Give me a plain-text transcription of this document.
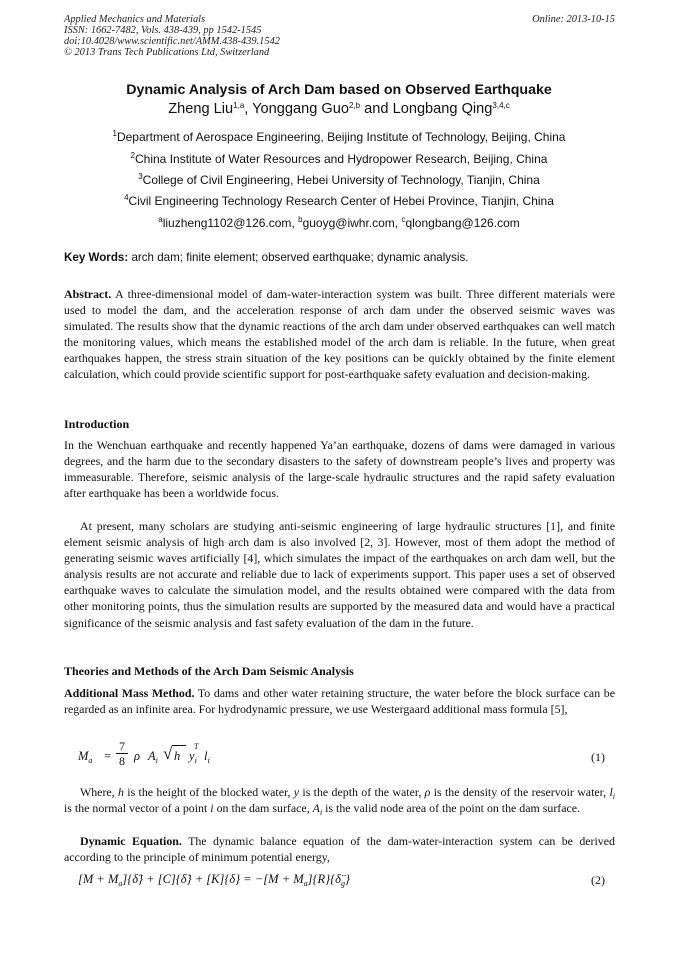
Applied Mechanics and Materials
ISSN: 1662-7482, Vols. 438-439, pp 1542-1545
doi:10.4028/www.scientific.net/AMM.438-439.1542
© 2013 Trans Tech Publications Ltd, Switzerland
Online: 2013-10-15
Dynamic Analysis of Arch Dam based on Observed Earthquake
Zheng Liu$^{1,a}$, Yonggang Guo$^{2,b}$ and Longbang Qing$^{3,4,c}$
$^1$Department of Aerospace Engineering, Beijing Institute of Technology, Beijing, China
$^2$China Institute of Water Resources and Hydropower Research, Beijing, China
$^3$College of Civil Engineering, Hebei University of Technology, Tianjin, China
$^4$Civil Engineering Technology Research Center of Hebei Province, Tianjin, China
$^a$liuzheng1102@126.com, $^b$guoyg@iwhr.com, $^c$qlongbang@126.com
Key Words: arch dam; finite element; observed earthquake; dynamic analysis.
Abstract. A three-dimensional model of dam-water-interaction system was built. Three different materials were used to model the dam, and the acceleration response of arch dam under the observed seismic waves was simulated. The results show that the dynamic reactions of the arch dam under observed earthquakes can well match the monitoring values, which means the established model of the arch dam is reliable. In the future, when great earthquakes happen, the stress strain situation of the key positions can be quickly obtained by the finite element calculation, which could provide scientific support for post-earthquake safety evaluation and decision-making.
Introduction
In the Wenchuan earthquake and recently happened Ya’an earthquake, dozens of dams were damaged in various degrees, and the harm due to the secondary disasters to the safety of downstream people’s lives and property was immeasurable. Therefore, seismic analysis of the large-scale hydraulic structures and the rapid safety evaluation after earthquake has been a worldwide focus.
At present, many scholars are studying anti-seismic engineering of large hydraulic structures [1], and finite element seismic analysis of high arch dam is also involved [2, 3]. However, most of them adopt the method of generating seismic waves artificially [4], which simulates the impact of the earthquakes on arch dam well, but the analysis results are not accurate and reliable due to lack of experiments support. This paper uses a set of observed earthquake waves to calculate the simulation model, and the results obtained were compared with the data from other monitoring points, thus the simulation results are supported by the measured data and would have a practical significance of the seismic analysis and fast safety evaluation of the dam in the future.
Theories and Methods of the Arch Dam Seismic Analysis
Additional Mass Method. To dams and other water retaining structure, the water before the block surface can be regarded as an infinite area. For hydrodynamic pressure, we use Westergaard additional mass formula [5],
$M_a = \frac{7}{8}$ ρ $A_i$ √ h $y_i$
T
$l_i$	(1)
Where, h is the height of the blocked water, y is the depth of the water, ρ is the density of the reservoir water, $l_i$ is the normal vector of a point i on the dam surface, $A_i$ is the valid node area of the point on the dam surface.
Dynamic Equation. The dynamic balance equation of the dam-water-interaction system can be derived according to the principle of minimum potential energy,
$[M + M_a]\{\deltä\}$ + [C]{δ̇} + $[K]\{\delta\} = -[M + M_a]\{R\}\{\deltä_g\}$	(2)
